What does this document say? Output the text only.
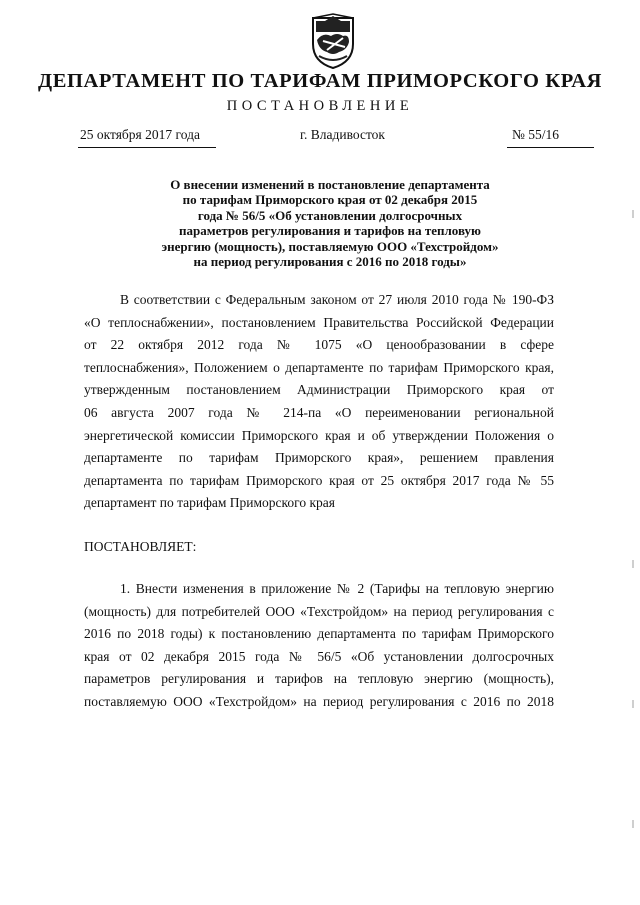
ДЕПАРТАМЕНТ ПО ТАРИФАМ ПРИМОРСКОГО КРАЯ
ПОСТАНОВЛЕНИЕ
25 октября 2017 года	г. Владивосток	№ 55/16
О внесении изменений в постановление департамента
по тарифам Приморского края от 02 декабря 2015
года № 56/5 «Об установлении долгосрочных
параметров регулирования и тарифов на тепловую
энергию (мощность), поставляемую ООО «Техстройдом»
на период регулирования с 2016 по 2018 годы»
В соответствии с Федеральным законом от 27 июля 2010 года № 190-ФЗ
«О теплоснабжении», постановлением Правительства Российской Федерации
от 22 октября 2012 года № 1075 «О ценообразовании в сфере
теплоснабжения», Положением о департаменте по тарифам Приморского края,
утвержденным постановлением Администрации Приморского края от
06 августа 2007 года № 214-па «О переименовании региональной
энергетической комиссии Приморского края и об утверждении Положения о
департаменте по тарифам Приморского края», решением правления
департамента по тарифам Приморского края от 25 октября 2017 года № 55
департамент по тарифам Приморского края
ПОСТАНОВЛЯЕТ:
1. Внести изменения в приложение № 2 (Тарифы на тепловую энергию
(мощность) для потребителей ООО «Техстройдом» на период регулирования с
2016 по 2018 годы) к постановлению департамента по тарифам Приморского
края от 02 декабря 2015 года № 56/5 «Об установлении долгосрочных
параметров регулирования и тарифов на тепловую энергию (мощность),
поставляемую ООО «Техстройдом» на период регулирования с 2016 по 2018
